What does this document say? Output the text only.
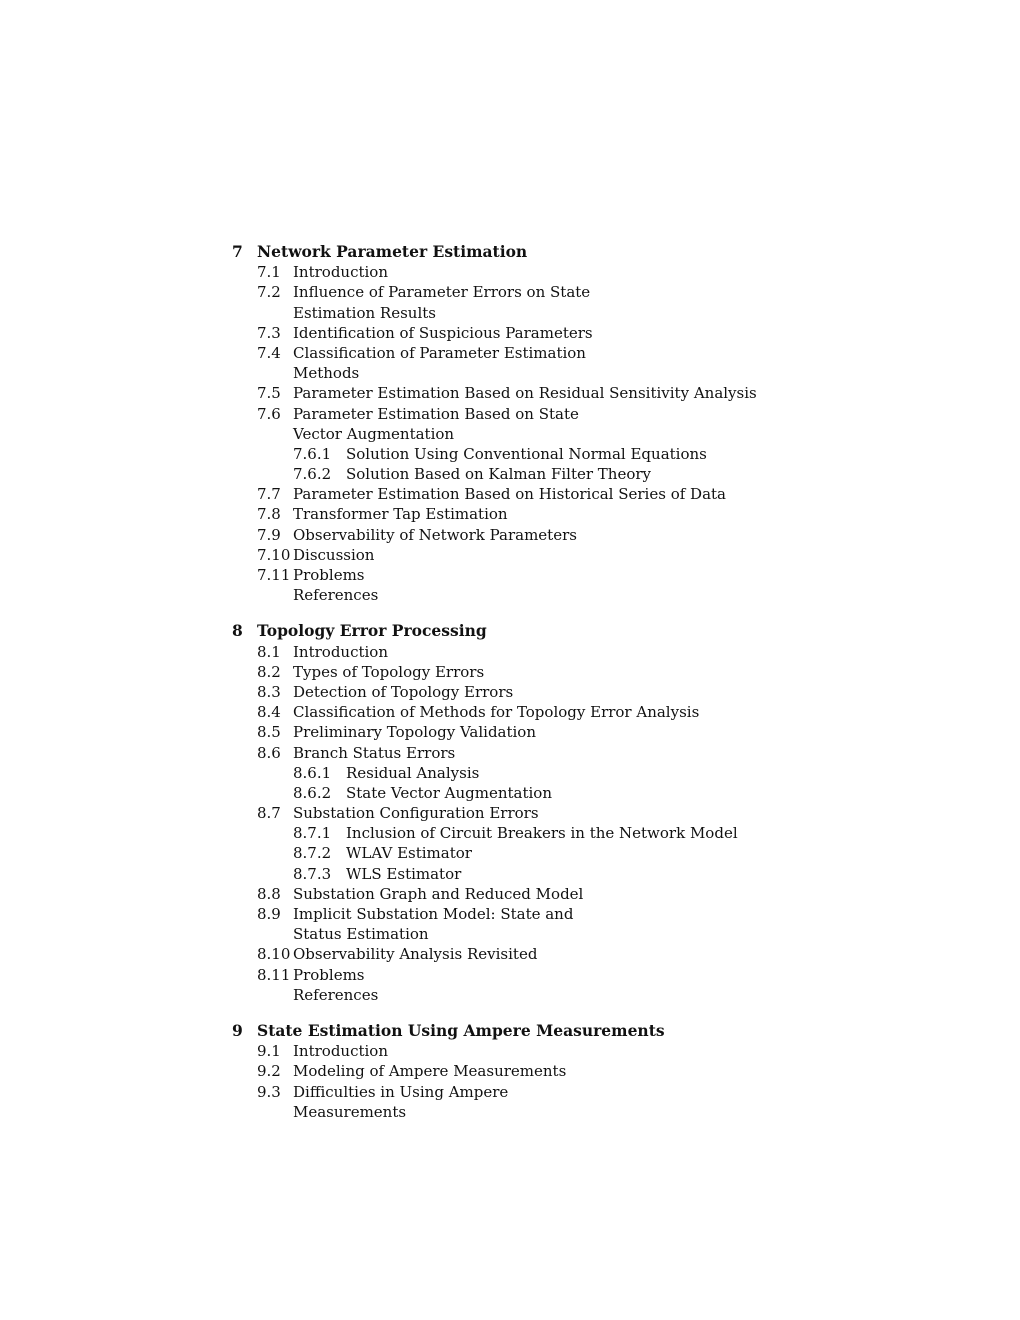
7 Network Parameter Estimation
7.1 Introduction
7.2 Influence of Parameter Errors on State
Estimation Results
7.3 Identification of Suspicious Parameters
7.4 Classification of Parameter Estimation
Methods
7.5 Parameter Estimation Based on Residual Sensitivity Analysis
7.6 Parameter Estimation Based on State
Vector Augmentation
7.6.1 Solution Using Conventional Normal Equations
7.6.2 Solution Based on Kalman Filter Theory
7.7 Parameter Estimation Based on Historical Series of Data
7.8 Transformer Tap Estimation
7.9 Observability of Network Parameters
7.10 Discussion
7.11 Problems
References
8 Topology Error Processing
8.1 Introduction
8.2 Types of Topology Errors
8.3 Detection of Topology Errors
8.4 Classification of Methods for Topology Error Analysis
8.5 Preliminary Topology Validation
8.6 Branch Status Errors
8.6.1 Residual Analysis
8.6.2 State Vector Augmentation
8.7 Substation Configuration Errors
8.7.1 Inclusion of Circuit Breakers in the Network Model
8.7.2 WLAV Estimator
8.7.3 WLS Estimator
8.8 Substation Graph and Reduced Model
8.9 Implicit Substation Model: State and
Status Estimation
8.10 Observability Analysis Revisited
8.11 Problems
References
9 State Estimation Using Ampere Measurements
9.1 Introduction
9.2 Modeling of Ampere Measurements
9.3 Difficulties in Using Ampere
Measurements
